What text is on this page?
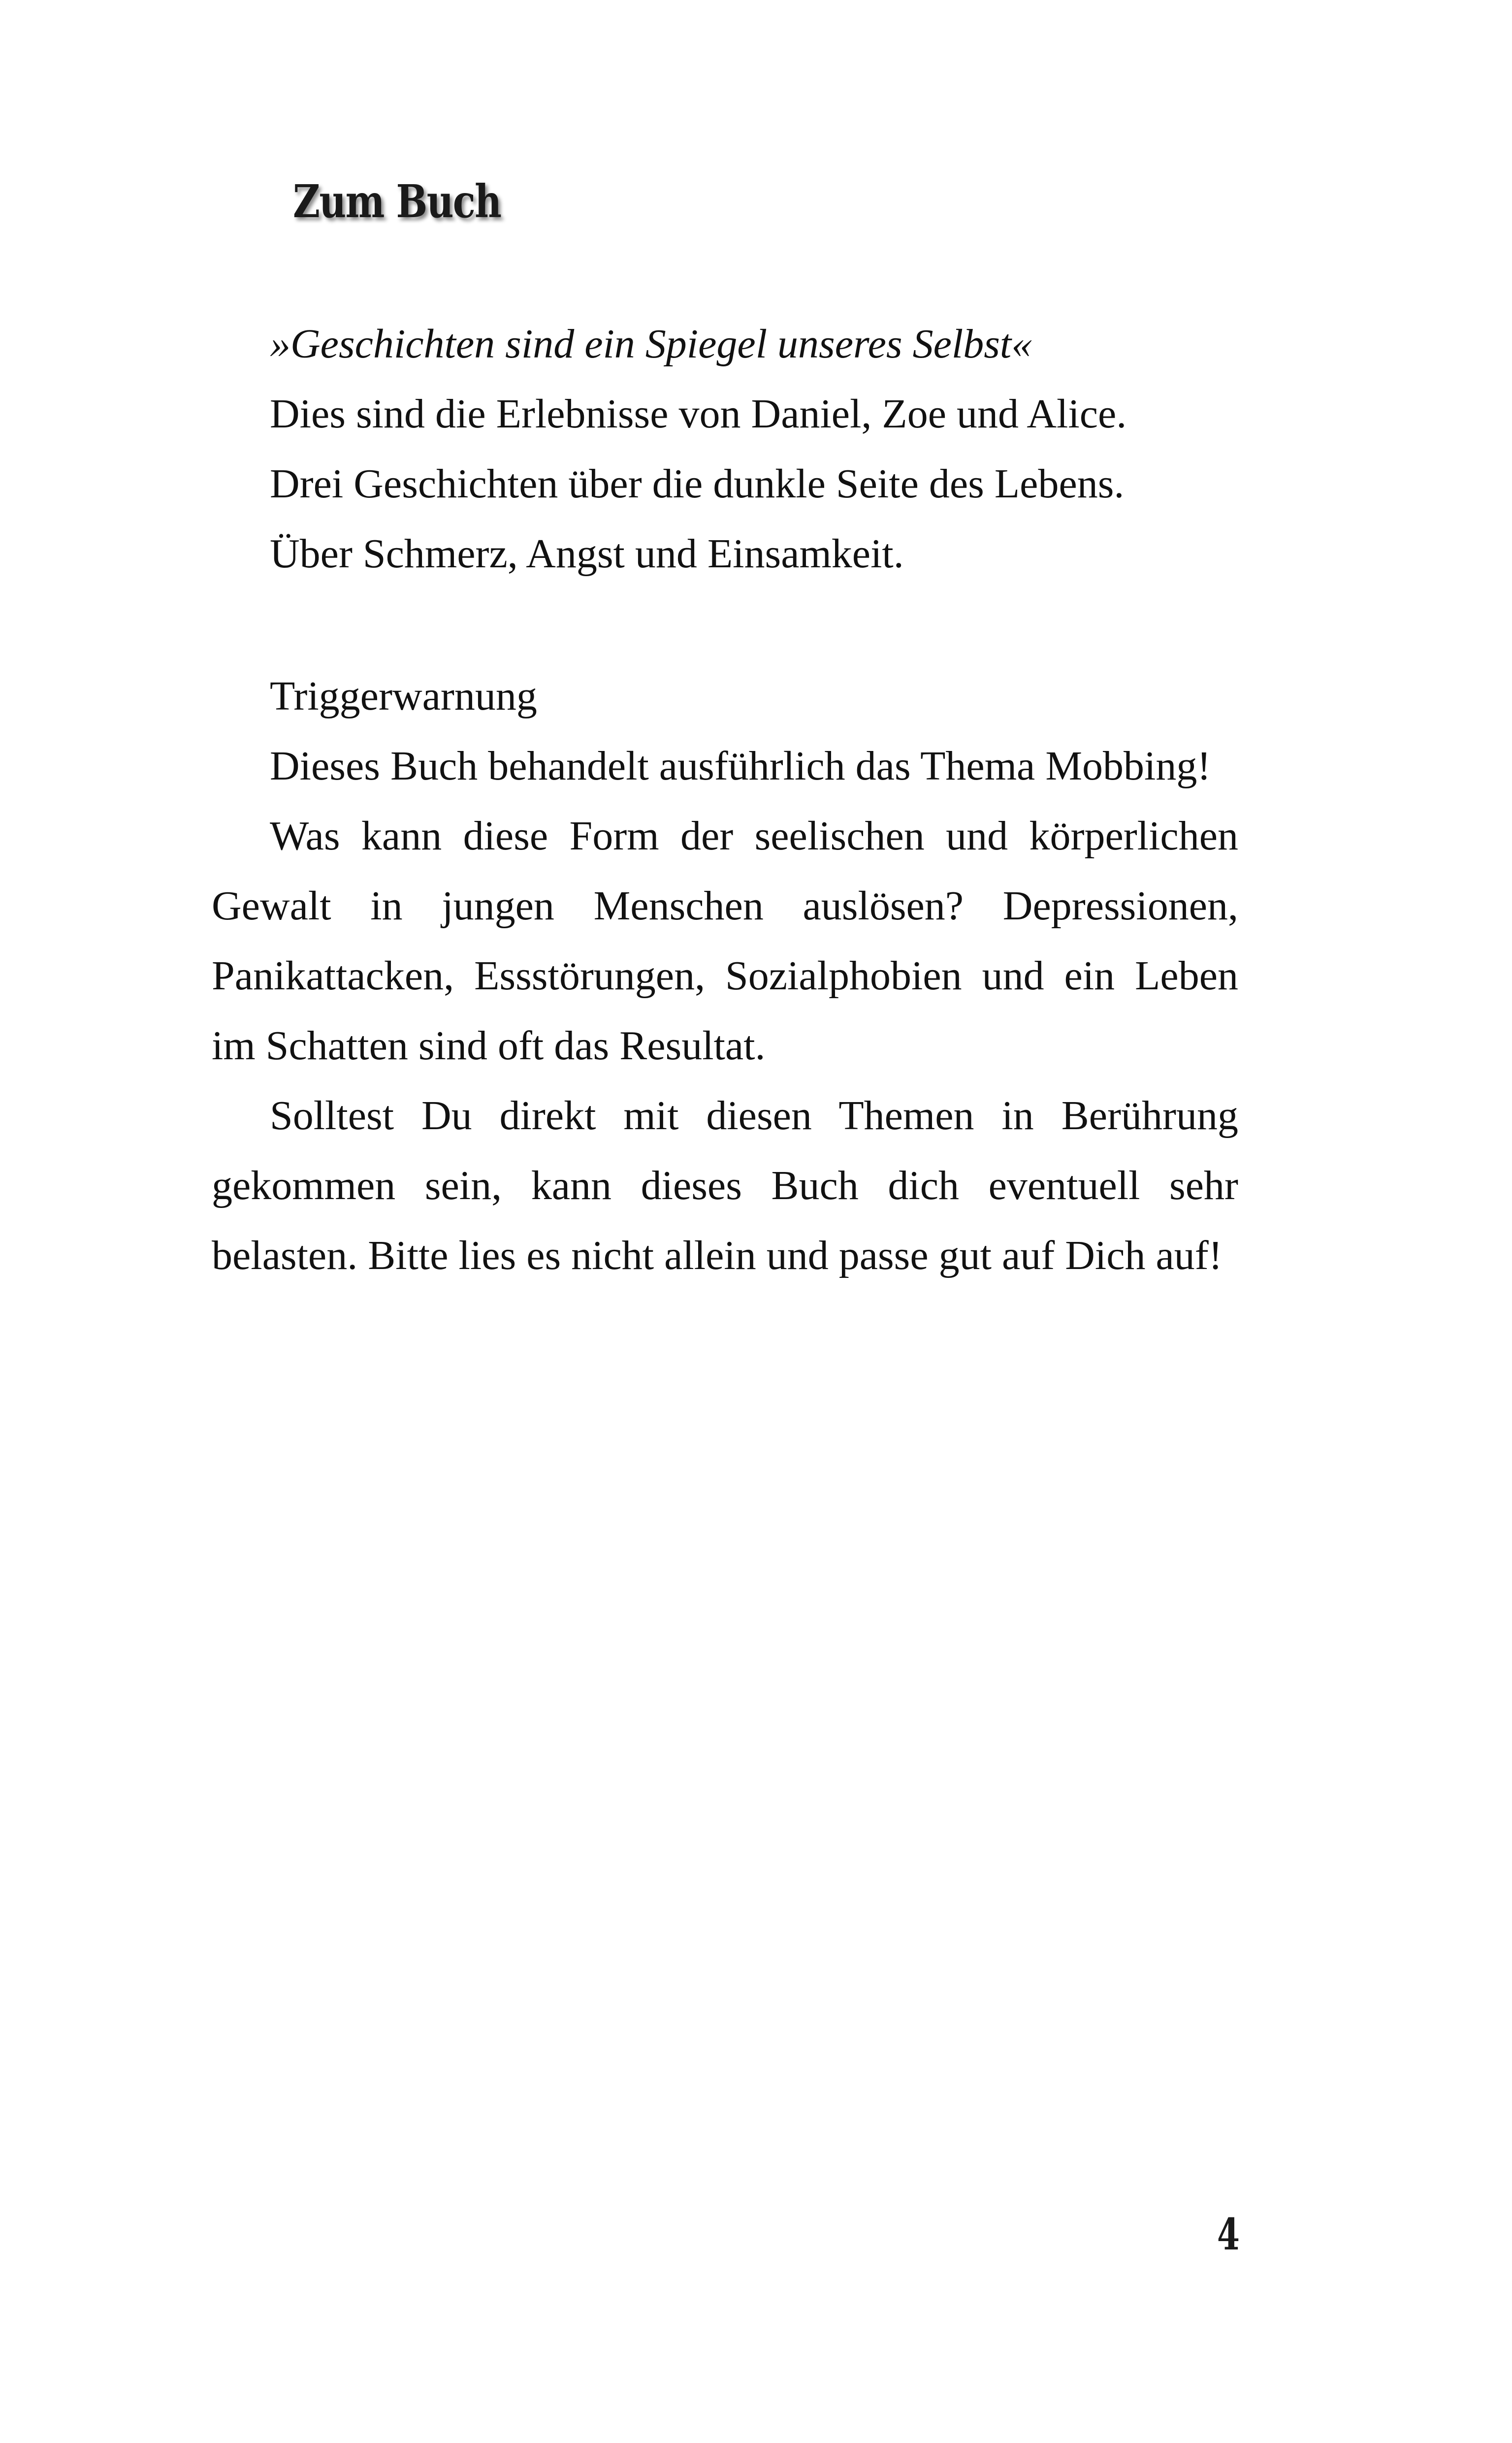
Zum Buch
»Geschichten sind ein Spiegel unseres Selbst«
Dies sind die Erlebnisse von Daniel, Zoe und Alice.
Drei Geschichten über die dunkle Seite des Lebens.
Über Schmerz, Angst und Einsamkeit.

Triggerwarnung

Dieses Buch behandelt ausführlich das Thema Mobbing!

Was kann diese Form der seelischen und körperlichen Gewalt in jungen Menschen auslösen? Depressionen, Panikattacken, Essstörungen, Sozialphobien und ein Leben im Schatten sind oft das Resultat.

Solltest Du direkt mit diesen Themen in Berührung gekommen sein, kann dieses Buch dich eventuell sehr belasten. Bitte lies es nicht allein und passe gut auf Dich auf!

4
